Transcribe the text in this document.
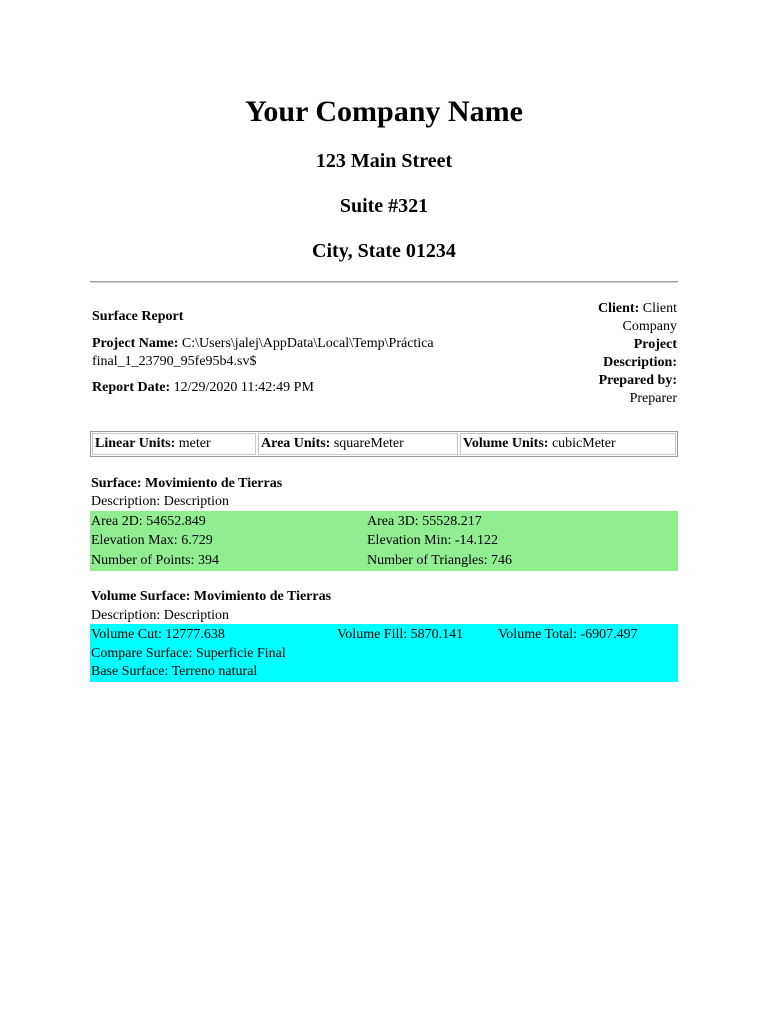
Your Company Name
123 Main Street
Suite #321
City, State 01234
Surface Report
Project Name: C:\Users\jalej\AppData\Local\Temp\Práctica
final_1_23790_95fe95b4.sv$
Report Date: 12/29/2020 11:42:49 PM
Client: Client
Company
Project
Description:
Prepared by:
Preparer
Linear Units: meter	Area Units: squareMeter	Volume Units: cubicMeter
Surface: Movimiento de Tierras
Description: Description
Area 2D: 54652.849	Area 3D: 55528.217
Elevation Max: 6.729	Elevation Min: -14.122
Number of Points: 394	Number of Triangles: 746
Volume Surface: Movimiento de Tierras
Description: Description
Volume Cut: 12777.638	Volume Fill: 5870.141 Volume Total: -6907.497
Compare Surface: Superficie Final
Base Surface: Terreno natural
